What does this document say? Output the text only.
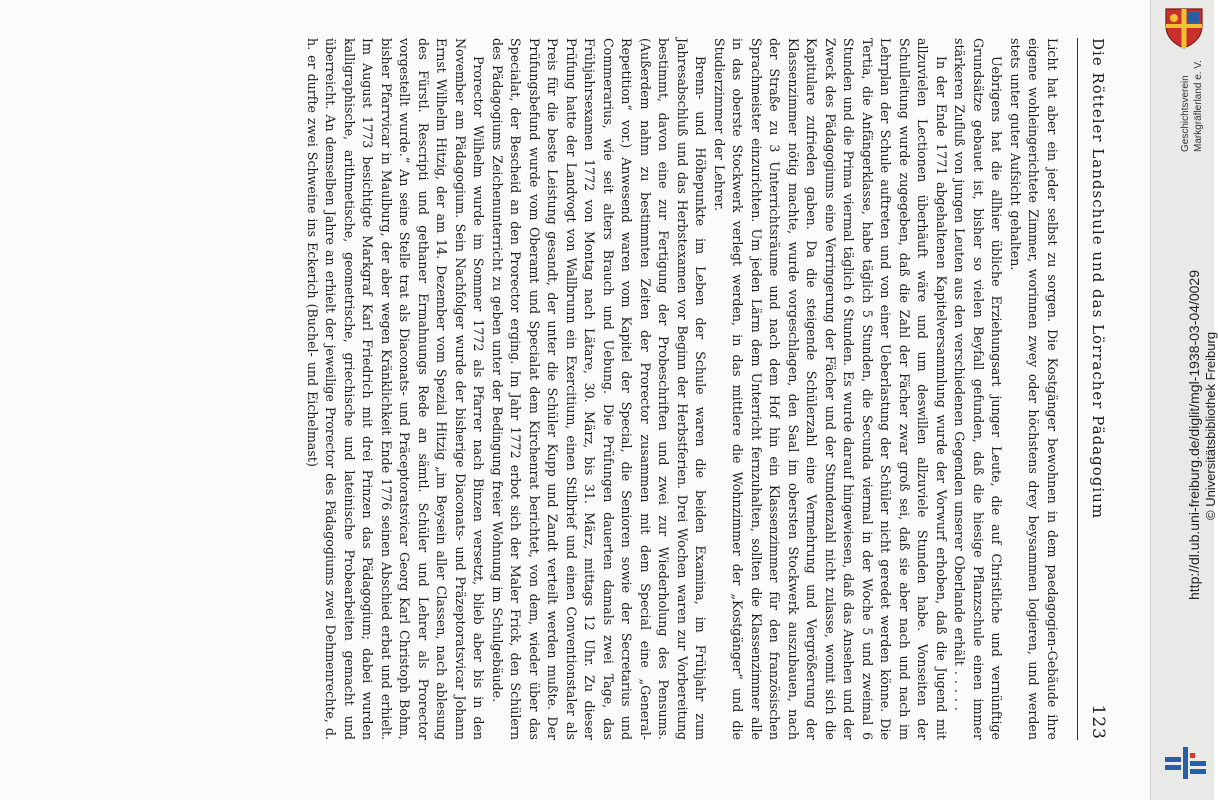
Die Rötteler Landschule und das Lörracher Pädagogium
123

Licht hat aber ein jeder selbst zu sorgen. Die Kostgänger bewohnen in dem paedagogien-Gebäude ihre eigene wohleingerichtete Zimmer, worinnen zwey oder höchstens drey beysammen logieren, und werden stets unter guter Aufsicht gehalten.

Uebrigens hat die allhier übliche Erziehungsart junger Leute, die auf Christliche und vernünftige Grundsätze gebauet ist, bisher so vielen Beyfall gefunden, daß die hiesige Pflanzschule einen immer stärkeren Zufluß von jungen Leuten aus den verschiedenen Gegenden unserer Oberlande erhält . . . . .

In der Ende 1771 abgehaltenen Kapitelversammlung wurde der Vorwurf erhoben, daß die Jugend mit allzuvielen Lectionen überhäuft wäre und um deswillen allzuviele Stunden habe. Vonseiten der Schulleitung wurde zugegeben, daß die Zahl der Fächer zwar groß sei, daß sie aber nach und nach im Lehrplan der Schule auftreten und von einer Ueberlastung der Schüler nicht geredet werden könne. Die Tertia, die Anfängerklasse, habe täglich 5 Stunden, die Secunda viermal in der Woche 5 und zweimal 6 Stunden und die Prima viermal täglich 6 Stunden. Es wurde darauf hingewiesen, daß das Ansehen und der Zweck des Pädagogiums eine Verringerung der Fächer und der Stundenzahl nicht zulasse, womit sich die Kapitulare zufrieden gaben. Da die steigende Schülerzahl eine Vermehrung und Vergrößerung der Klassenzimmer nötig machte, wurde vorgeschlagen, den Saal im obersten Stockwerk auszubauen, nach der Straße zu 3 Unterrichtsräume und nach dem Hof hin ein Klassenzimmer für den französischen Sprachmeister einzurichten. Um jeden Lärm dem Unterricht fernzuhalten, sollten die Klassenzimmer alle in das oberste Stockwerk verlegt werden, in das mittlere die Wohnzimmer der „Kostgänger“ und die Studierzimmer der Lehrer.

Brenn- und Höhepunkte im Leben der Schule waren die beiden Examina, im Frühjahr zum Jahresabschluß und das Herbstexamen vor Beginn der Herbstferien. Drei Wochen waren zur Vorbereitung bestimmt, davon eine zur Fertigung der Probeschriften und zwei zur Wiederholung des Pensums. (Außerdem nahm zu bestimmten Zeiten der Prorector zusammen mit dem Special eine „General-Repetition“ vor.) Anwesend waren vom Kapitel der Special, die Senioren sowie der Secretarius und Commerarius, wie seit alters Brauch und Uebung. Die Prüfungen dauerten damals zwei Tage, das Frühjahrsexamen 1772 von Montag nach Lätare, 30. März, bis 31. März, mittags 12 Uhr. Zu dieser Prüfung hatte der Landvogt von Wallbrunn ein Exercitium, einen Stilbrief und einen Conventionstaler als Preis für die beste Leistung gesandt, der unter die Schüler Kupp und Zandt verteilt werden mußte. Der Prüfungsbefund wurde vom Oberamt und Specialat dem Kirchenrat berichtet, von dem, wieder über das Specialat, der Bescheid an den Prorector erging. Im Jahr 1772 erbot sich der Maler Frick, den Schülern des Pädagogiums Zeichenunterricht zu geben unter der Bedingung freier Wohnung im Schulgebäude.

Prorector Wilhelm wurde im Sommer 1772 als Pfarrer nach Binzen versetzt, blieb aber bis in den November am Pädagogium. Sein Nachfolger wurde der bisherige Diaconats- und Präzeptoratsvicar Johann Ernst Wilhelm Hitzig, der am 14. Dezember vom Spezial Hitzig „im Beysein aller Classen, nach ablesung des Fürstl. Rescripti und gethaner Ermahnungs Rede an sämtl. Schüler und Lehrer als Prorector vorgestellt wurde.“ An seine Stelle trat als Diaconats- und Präceptoratsvicar Georg Karl Christoph Bohm, bisher Pfarrvicar in Maulburg, der aber wegen Kränklichkeit Ende 1776 seinen Abschied erbat und erhielt. Im August 1773 besichtigte Markgraf Karl Friedrich mit drei Prinzen das Pädagogium; dabei wurden kalligraphische, arithmetische, geometrische, griechische und lateinische Probearbeiten gemacht und überreicht. An demselben Jahre an erhielt der jeweilige Prorector des Pädagogiums zwei Dehmenrechte, d. h. er durfte zwei Schweine ins Eckerich (Buchel- und Eichelmast)	Geschichtsverein Markgräflerland e. V.
http://dl.ub.uni-freiburg.de/diglit/mgl-1938-03-04/0029 © Universitätsbibliothek Freiburg
